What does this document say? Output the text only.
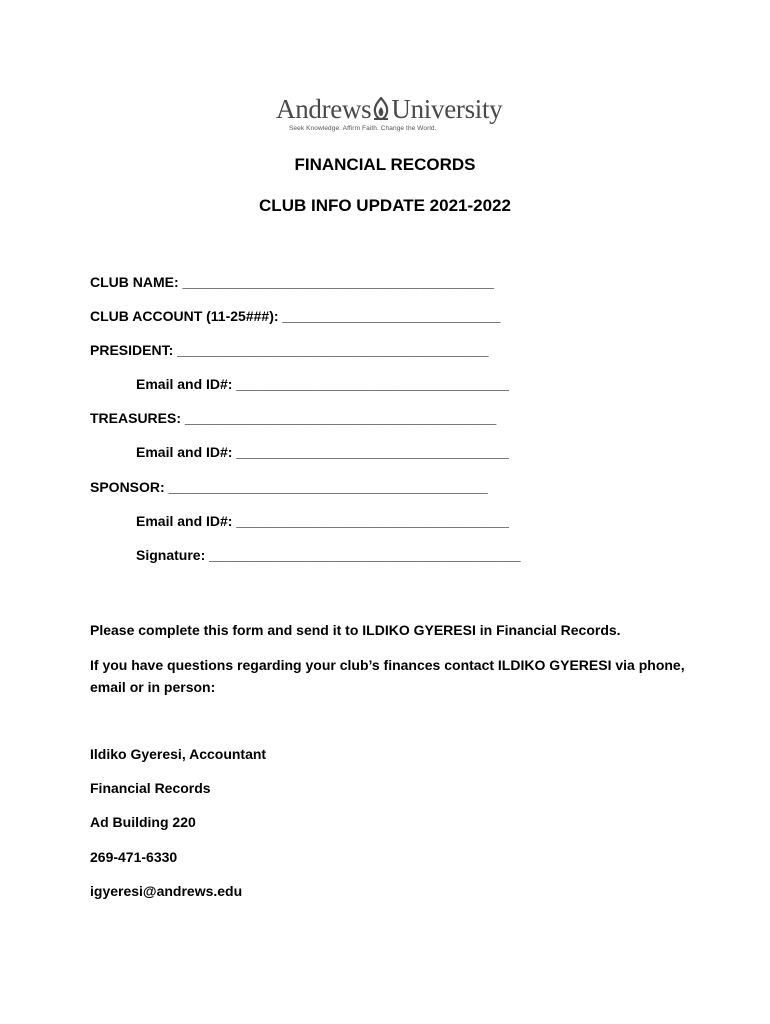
Andrews University
Seek Knowledge. Affirm Faith. Change the World.
FINANCIAL RECORDS
CLUB INFO UPDATE 2021-2022
CLUB NAME: ________________________________________
CLUB ACCOUNT (11-25###): ____________________________
PRESIDENT: ________________________________________
Email and ID#: ___________________________________
TREASURES: ________________________________________
Email and ID#: ___________________________________
SPONSOR: _________________________________________
Email and ID#: ___________________________________
Signature: ________________________________________
Please complete this form and send it to ILDIKO GYERESI in Financial Records.
If you have questions regarding your club’s finances contact ILDIKO GYERESI via phone, email or in person:
Ildiko Gyeresi, Accountant
Financial Records
Ad Building 220
269-471-6330
igyeresi@andrews.edu
